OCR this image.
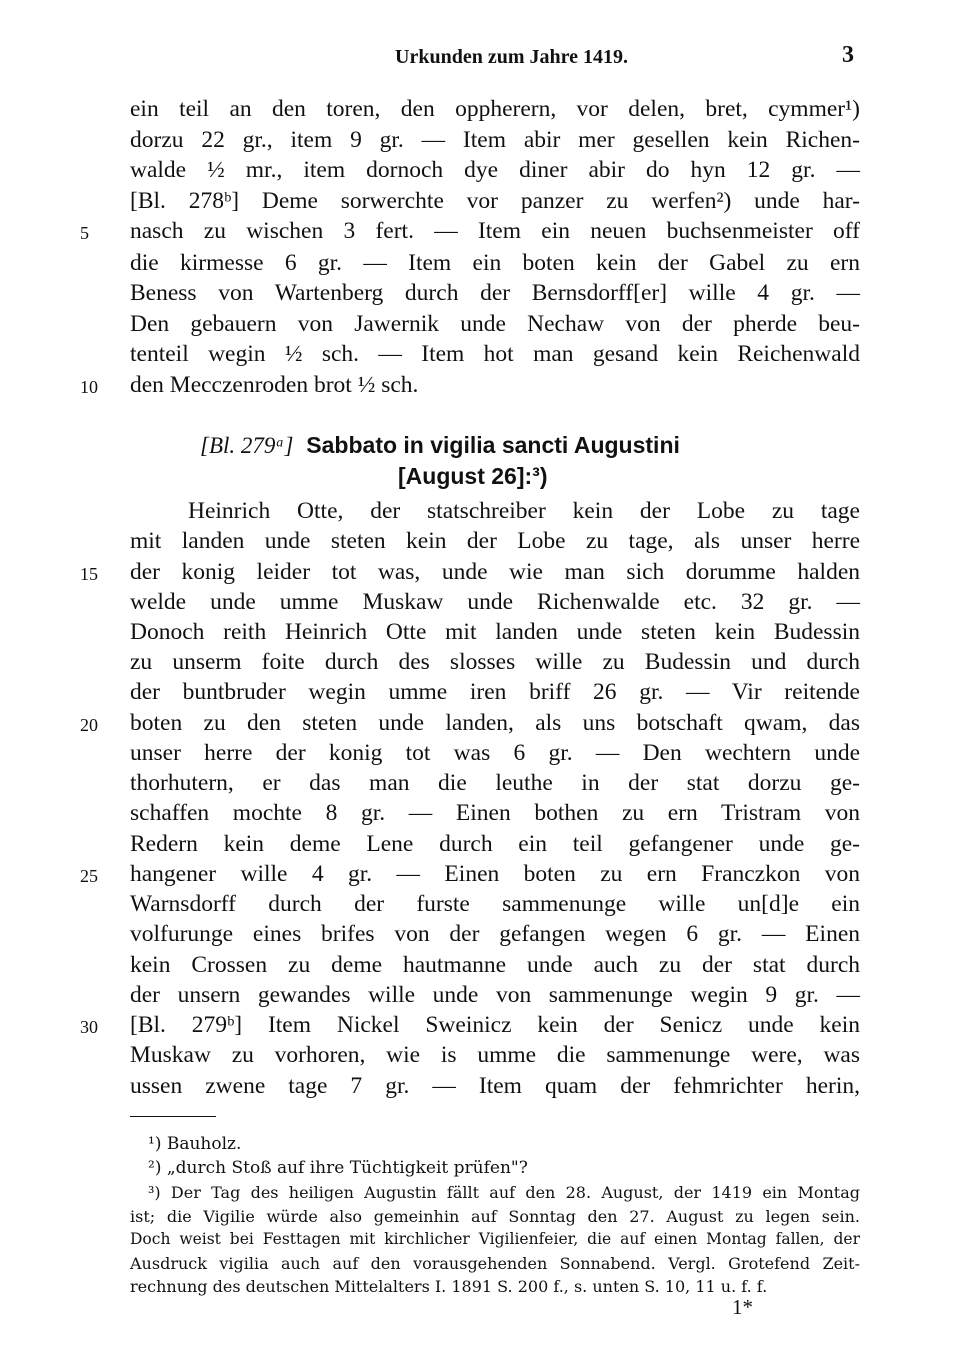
Urkunden zum Jahre 1419.	3
ein teil an den toren, den oppherern, vor delen, bret, cymmer¹)
dorzu 22 gr., item 9 gr. — Item abir mer gesellen kein Richen-
walde ½ mr., item dornoch dye diner abir do hyn 12 gr. —
[Bl. 278ᵇ] Deme sorwerchte vor panzer zu werfen²) unde har-
nasch zu wischen 3 fert. — Item ein neuen buchsenmeister off
die kirmesse 6 gr. — Item ein boten kein der Gabel zu ern
Beness von Wartenberg durch der Bernsdorff[er] wille 4 gr. —
Den gebauern von Jawernik unde Nechaw von der pherde beu-
tenteil wegin ½ sch. — Item hot man gesand kein Reichenwald
den Mecczenroden brot ½ sch.
[Bl. 279ᵃ] Sabbato in vigilia sancti Augustini
[August 26]:³)
Heinrich Otte, der statschreiber kein der Lobe zu tage
mit landen unde steten kein der Lobe zu tage, als unser herre
der konig leider tot was, unde wie man sich dorumme halden
welde unde umme Muskaw unde Richenwalde etc. 32 gr. —
Donoch reith Heinrich Otte mit landen unde steten kein Budessin
zu unserm foite durch des slosses wille zu Budessin und durch
der buntbruder wegin umme iren briff 26 gr. — Vir reitende
boten zu den steten unde landen, als uns botschaft qwam, das
unser herre der konig tot was 6 gr. — Den wechtern unde
thorhutern, er das man die leuthe in der stat dorzu ge-
schaffen mochte 8 gr. — Einen bothen zu ern Tristram von
Redern kein deme Lene durch ein teil gefangener unde ge-
hangener wille 4 gr. — Einen boten zu ern Franczkon von
Warnsdorff durch der furste sammenunge wille un[d]e ein
volfurunge eines brifes von der gefangen wegen 6 gr. — Einen
kein Crossen zu deme hautmanne unde auch zu der stat durch
der unsern gewandes wille unde von sammenunge wegin 9 gr. —
[Bl. 279ᵇ] Item Nickel Sweinicz kein der Senicz unde kein
Muskaw zu vorhoren, wie is umme die sammenunge were, was
ussen zwene tage 7 gr. — Item quam der fehmrichter herin,
5
10
15
20
25
30
¹) Bauholz.
²) „durch Stoß auf ihre Tüchtigkeit prüfen"?
³) Der Tag des heiligen Augustin fällt auf den 28. August, der 1419 ein Montag
ist; die Vigilie würde also gemeinhin auf Sonntag den 27. August zu legen sein.
Doch weist bei Festtagen mit kirchlicher Vigilienfeier, die auf einen Montag fallen, der
Ausdruck vigilia auch auf den vorausgehenden Sonnabend. Vergl. Grotefend Zeit-
rechnung des deutschen Mittelalters I. 1891 S. 200 f., s. unten S. 10, 11 u. f. f.
1*
